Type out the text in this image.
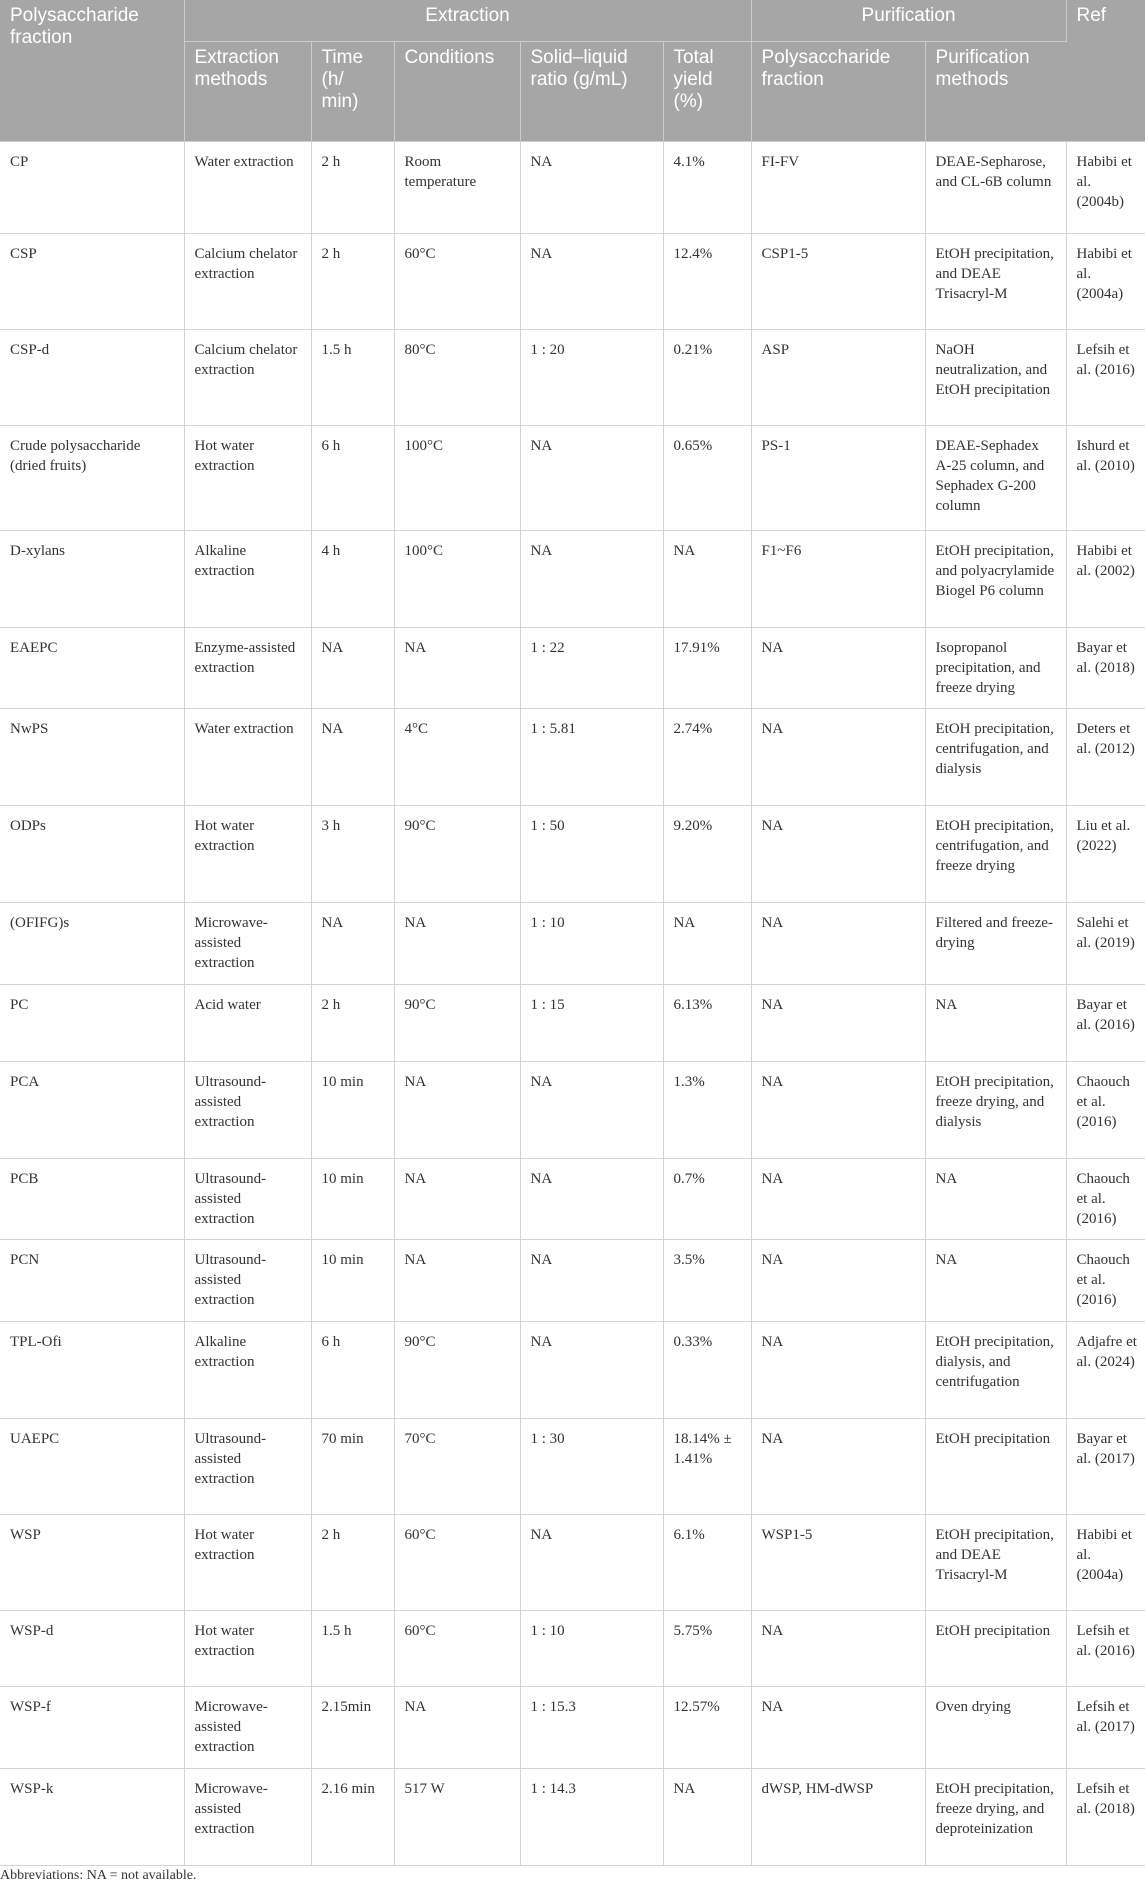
Polysaccharide fraction	Extraction					Purification		Ref
	Extraction methods	Time (h/ min)	Conditions	Solid–liquid ratio (g/mL)	Total yield (%)	Polysaccharide fraction	Purification methods	
CP	Water extraction	2 h	Room temperature	NA	4.1%	FI-FV	DEAE-Sepharose, and CL-6B column	Habibi et al. (2004b)
CSP	Calcium chelator extraction	2 h	60°C	NA	12.4%	CSP1-5	EtOH precipitation, and DEAE Trisacryl-M	Habibi et al. (2004a)
CSP-d	Calcium chelator extraction	1.5 h	80°C	1 : 20	0.21%	ASP	NaOH neutralization, and EtOH precipitation	Lefsih et al. (2016)
Crude polysaccharide (dried fruits)	Hot water extraction	6 h	100°C	NA	0.65%	PS-1	DEAE-Sephadex A-25 column, and Sephadex G-200 column	Ishurd et al. (2010)
D-xylans	Alkaline extraction	4 h	100°C	NA	NA	F1~F6	EtOH precipitation, and polyacrylamide Biogel P6 column	Habibi et al. (2002)
EAEPC	Enzyme-assisted extraction	NA	NA	1 : 22	17.91%	NA	Isopropanol precipitation, and freeze drying	Bayar et al. (2018)
NwPS	Water extraction	NA	4°C	1 : 5.81	2.74%	NA	EtOH precipitation, centrifugation, and dialysis	Deters et al. (2012)
ODPs	Hot water extraction	3 h	90°C	1 : 50	9.20%	NA	EtOH precipitation, centrifugation, and freeze drying	Liu et al. (2022)
(OFIFG)s	Microwave-assisted extraction	NA	NA	1 : 10	NA	NA	Filtered and freeze-drying	Salehi et al. (2019)
PC	Acid water	2 h	90°C	1 : 15	6.13%	NA	NA	Bayar et al. (2016)
PCA	Ultrasound-assisted extraction	10 min	NA	NA	1.3%	NA	EtOH precipitation, freeze drying, and dialysis	Chaouch et al. (2016)
PCB	Ultrasound-assisted extraction	10 min	NA	NA	0.7%	NA	NA	Chaouch et al. (2016)
PCN	Ultrasound-assisted extraction	10 min	NA	NA	3.5%	NA	NA	Chaouch et al. (2016)
TPL-Ofi	Alkaline extraction	6 h	90°C	NA	0.33%	NA	EtOH precipitation, dialysis, and centrifugation	Adjafre et al. (2024)
UAEPC	Ultrasound-assisted extraction	70 min	70°C	1 : 30	18.14% ± 1.41%	NA	EtOH precipitation	Bayar et al. (2017)
WSP	Hot water extraction	2 h	60°C	NA	6.1%	WSP1-5	EtOH precipitation, and DEAE Trisacryl-M	Habibi et al. (2004a)
WSP-d	Hot water extraction	1.5 h	60°C	1 : 10	5.75%	NA	EtOH precipitation	Lefsih et al. (2016)
WSP-f	Microwave-assisted extraction	2.15min	NA	1 : 15.3	12.57%	NA	Oven drying	Lefsih et al. (2017)
WSP-k	Microwave-assisted extraction	2.16 min	517 W	1 : 14.3	NA	dWSP, HM-dWSP	EtOH precipitation, freeze drying, and deproteinization	Lefsih et al. (2018)
Abbreviations: NA = not available.
